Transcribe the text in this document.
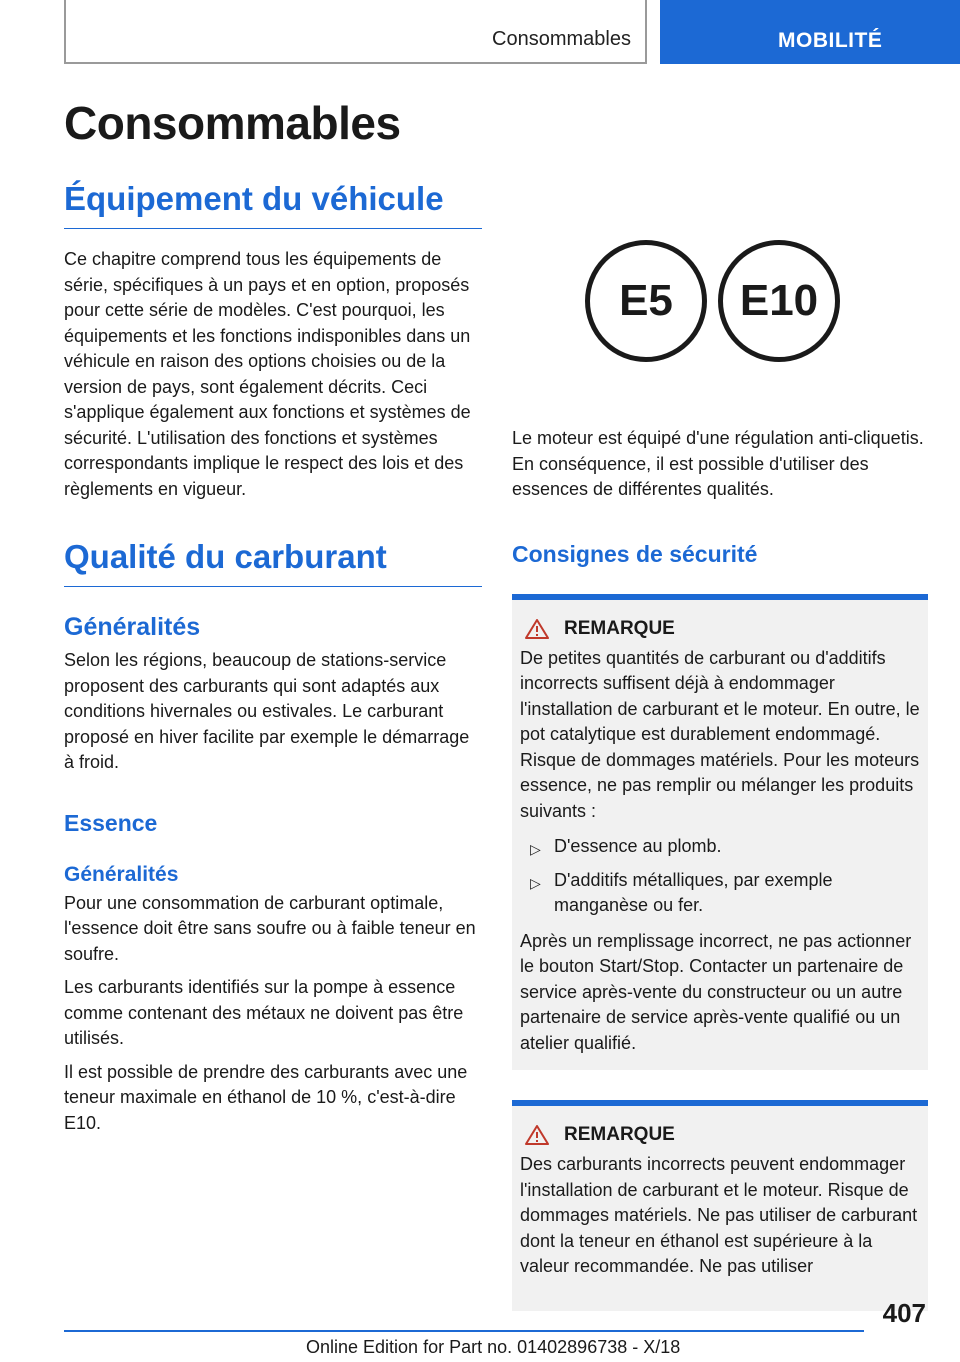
Consommables	MOBILITÉ
Consommables
Équipement du véhicule

Ce chapitre comprend tous les équipements de série, spécifiques à un pays et en option, proposés pour cette série de modèles. C'est pourquoi, les équipements et les fonctions indisponibles dans un véhicule en raison des options choisies ou de la version de pays, sont également décrits. Ceci s'applique également aux fonctions et systèmes de sécurité. L'utilisation des fonctions et systèmes correspondants implique le respect des lois et des règlements en vigueur.

Qualité du carburant
Généralités

Selon les régions, beaucoup de stations-service proposent des carburants qui sont adaptés aux conditions hivernales ou estivales. Le carburant proposé en hiver facilite par exemple le démarrage à froid.

Essence
Généralités

Pour une consommation de carburant optimale, l'essence doit être sans soufre ou à faible teneur en soufre.

Les carburants identifiés sur la pompe à essence comme contenant des métaux ne doivent pas être utilisés.

Il est possible de prendre des carburants avec une teneur maximale en éthanol de 10 %, c'est-à-dire E10.

E5	E10

Le moteur est équipé d'une régulation anti-cliquetis. En conséquence, il est possible d'utiliser des essences de différentes qualités.

Consignes de sécurité
REMARQUE

De petites quantités de carburant ou d'additifs incorrects suffisent déjà à endommager l'installation de carburant et le moteur. En outre, le pot catalytique est durablement endommagé. Risque de dommages matériels. Pour les moteurs essence, ne pas remplir ou mélanger les produits suivants :

▷ D'essence au plomb.
▷ D'additifs métalliques, par exemple manganèse ou fer.

Après un remplissage incorrect, ne pas actionner le bouton Start/Stop. Contacter un partenaire de service après-vente du constructeur ou un autre partenaire de service après-vente qualifié ou un atelier qualifié.

REMARQUE

Des carburants incorrects peuvent endommager l'installation de carburant et le moteur. Risque de dommages matériels. Ne pas utiliser de carburant dont la teneur en éthanol est supérieure à la valeur recommandée. Ne pas utiliser

407
Online Edition for Part no. 01402896738 - X/18
